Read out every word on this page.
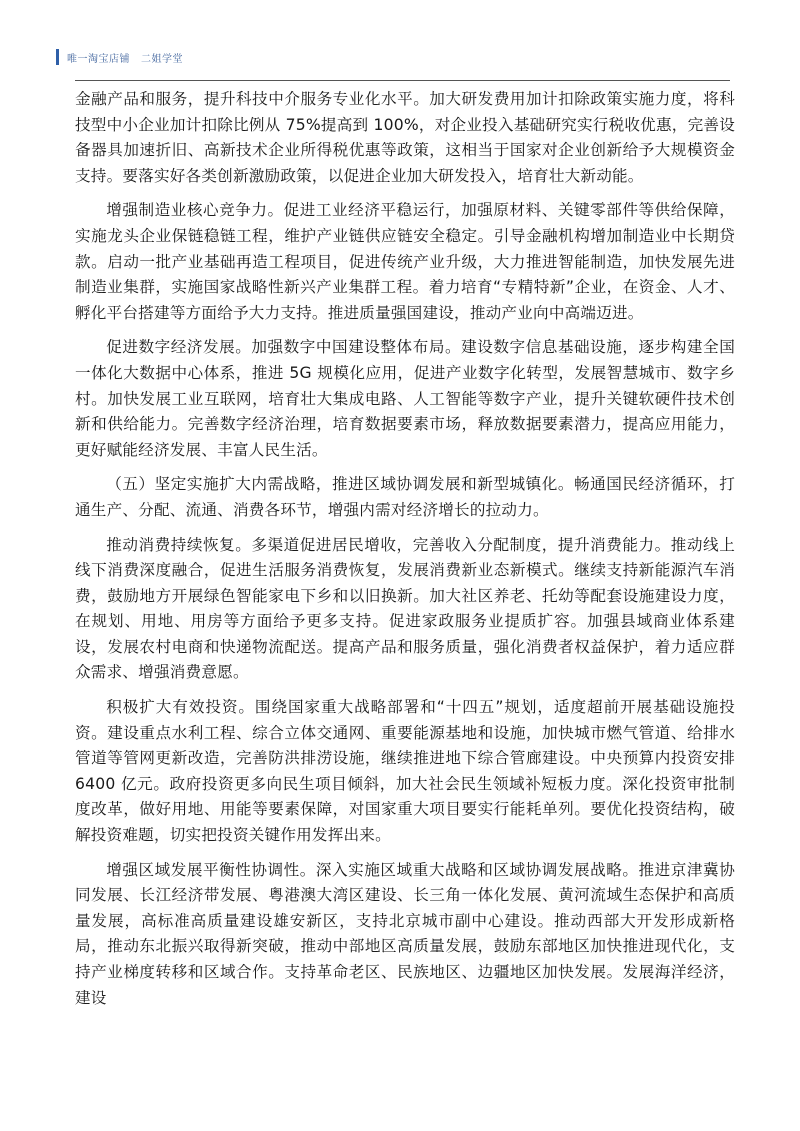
唯一淘宝店铺   二姐学堂

金融产品和服务，提升科技中介服务专业化水平。加大研发费用加计扣除政策实施力度，将科技型中小企业加计扣除比例从 75%提高到 100%，对企业投入基础研究实行税收优惠，完善设备器具加速折旧、高新技术企业所得税优惠等政策，这相当于国家对企业创新给予大规模资金支持。要落实好各类创新激励政策，以促进企业加大研发投入，培育壮大新动能。

增强制造业核心竞争力。促进工业经济平稳运行，加强原材料、关键零部件等供给保障，实施龙头企业保链稳链工程，维护产业链供应链安全稳定。引导金融机构增加制造业中长期贷款。启动一批产业基础再造工程项目，促进传统产业升级，大力推进智能制造，加快发展先进制造业集群，实施国家战略性新兴产业集群工程。着力培育“专精特新”企业，在资金、人才、孵化平台搭建等方面给予大力支持。推进质量强国建设，推动产业向中高端迈进。

促进数字经济发展。加强数字中国建设整体布局。建设数字信息基础设施，逐步构建全国一体化大数据中心体系，推进 5G 规模化应用，促进产业数字化转型，发展智慧城市、数字乡村。加快发展工业互联网，培育壮大集成电路、人工智能等数字产业，提升关键软硬件技术创新和供给能力。完善数字经济治理，培育数据要素市场，释放数据要素潜力，提高应用能力，更好赋能经济发展、丰富人民生活。

（五）坚定实施扩大内需战略，推进区域协调发展和新型城镇化。畅通国民经济循环，打通生产、分配、流通、消费各环节，增强内需对经济增长的拉动力。

推动消费持续恢复。多渠道促进居民增收，完善收入分配制度，提升消费能力。推动线上线下消费深度融合，促进生活服务消费恢复，发展消费新业态新模式。继续支持新能源汽车消费，鼓励地方开展绿色智能家电下乡和以旧换新。加大社区养老、托幼等配套设施建设力度，在规划、用地、用房等方面给予更多支持。促进家政服务业提质扩容。加强县域商业体系建设，发展农村电商和快递物流配送。提高产品和服务质量，强化消费者权益保护，着力适应群众需求、增强消费意愿。

积极扩大有效投资。围绕国家重大战略部署和“十四五”规划，适度超前开展基础设施投资。建设重点水利工程、综合立体交通网、重要能源基地和设施，加快城市燃气管道、给排水管道等管网更新改造，完善防洪排涝设施，继续推进地下综合管廊建设。中央预算内投资安排6400 亿元。政府投资更多向民生项目倾斜，加大社会民生领域补短板力度。深化投资审批制度改革，做好用地、用能等要素保障，对国家重大项目要实行能耗单列。要优化投资结构，破解投资难题，切实把投资关键作用发挥出来。

增强区域发展平衡性协调性。深入实施区域重大战略和区域协调发展战略。推进京津冀协同发展、长江经济带发展、粤港澳大湾区建设、长三角一体化发展、黄河流域生态保护和高质量发展，高标准高质量建设雄安新区，支持北京城市副中心建设。推动西部大开发形成新格局，推动东北振兴取得新突破，推动中部地区高质量发展，鼓励东部地区加快推进现代化，支持产业梯度转移和区域合作。支持革命老区、民族地区、边疆地区加快发展。发展海洋经济，建设
